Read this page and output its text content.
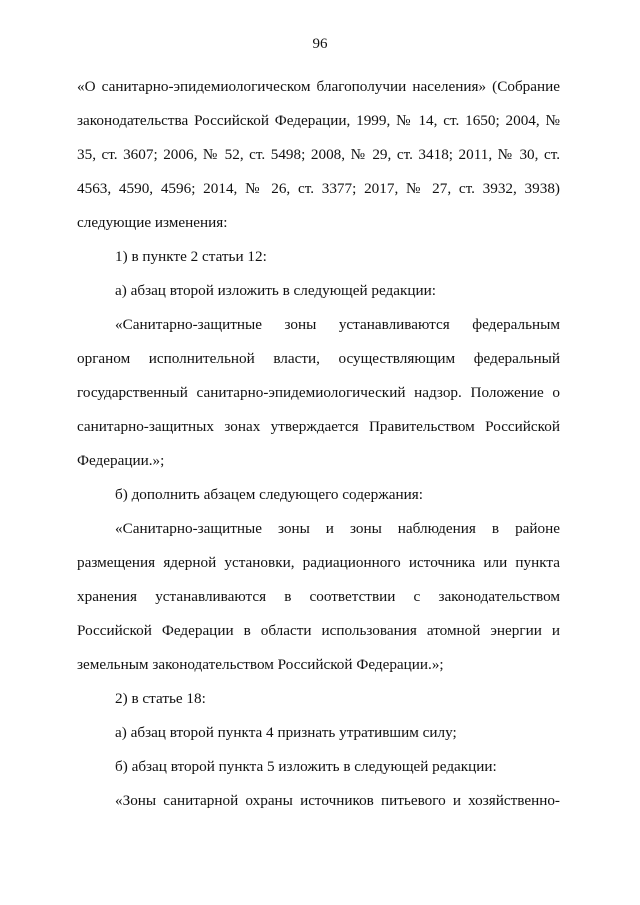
96

«О санитарно-эпидемиологическом благополучии населения» (Собрание законодательства Российской Федерации, 1999, № 14, ст. 1650; 2004, № 35, ст. 3607; 2006, № 52, ст. 5498; 2008, № 29, ст. 3418; 2011, № 30, ст. 4563, 4590, 4596; 2014, № 26, ст. 3377; 2017, № 27, ст. 3932, 3938) следующие изменения:

1) в пункте 2 статьи 12:

а) абзац второй изложить в следующей редакции:

«Санитарно-защитные зоны устанавливаются федеральным органом исполнительной власти, осуществляющим федеральный государственный санитарно-эпидемиологический надзор. Положение о санитарно-защитных зонах утверждается Правительством Российской Федерации.»;

б) дополнить абзацем следующего содержания:

«Санитарно-защитные зоны и зоны наблюдения в районе размещения ядерной установки, радиационного источника или пункта хранения устанавливаются в соответствии с законодательством Российской Федерации в области использования атомной энергии и земельным законодательством Российской Федерации.»;

2) в статье 18:

а) абзац второй пункта 4 признать утратившим силу;

б) абзац второй пункта 5 изложить в следующей редакции:

«Зоны санитарной охраны источников питьевого и хозяйственно-
